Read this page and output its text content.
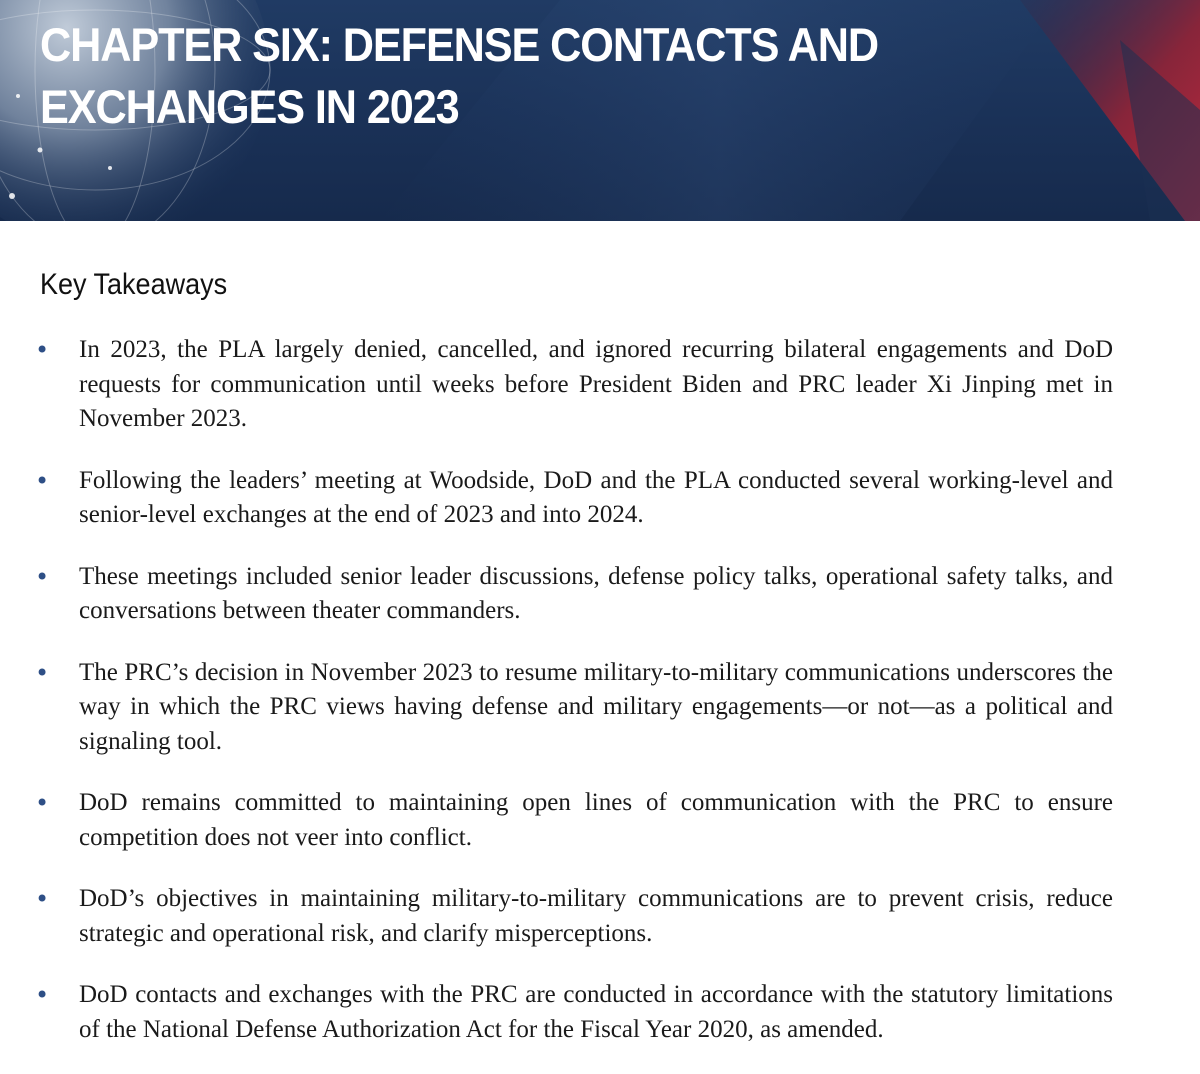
CHAPTER SIX: DEFENSE CONTACTS AND
EXCHANGES IN 2023
Key Takeaways
• In 2023, the PLA largely denied, cancelled, and ignored recurring bilateral engagements and DoD requests for communication until weeks before President Biden and PRC leader Xi Jinping met in November 2023.
• Following the leaders’ meeting at Woodside, DoD and the PLA conducted several working-level and senior-level exchanges at the end of 2023 and into 2024.
• These meetings included senior leader discussions, defense policy talks, operational safety talks, and conversations between theater commanders.
• The PRC’s decision in November 2023 to resume military-to-military communications underscores the way in which the PRC views having defense and military engagements—or not—as a political and signaling tool.
• DoD remains committed to maintaining open lines of communication with the PRC to ensure competition does not veer into conflict.
• DoD’s objectives in maintaining military-to-military communications are to prevent crisis, reduce strategic and operational risk, and clarify misperceptions.
• DoD contacts and exchanges with the PRC are conducted in accordance with the statutory limitations of the National Defense Authorization Act for the Fiscal Year 2020, as amended.
